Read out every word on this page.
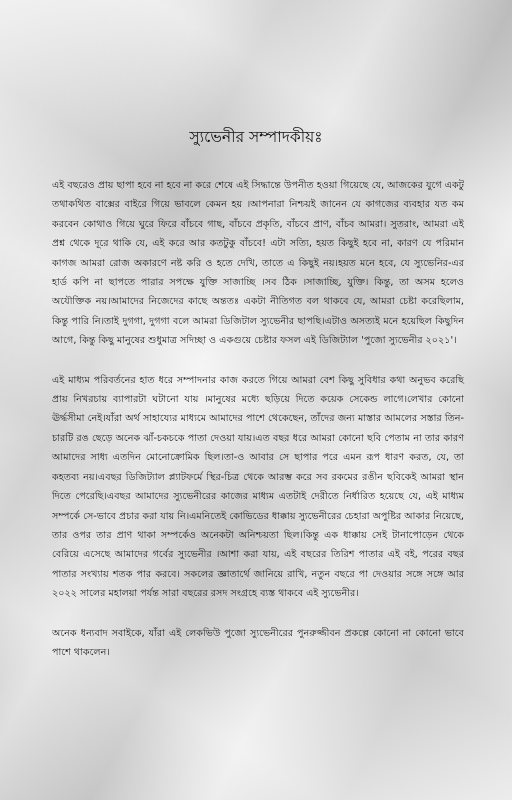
স্যুভেনীর সম্পাদকীয়ঃ

এই বছরেও প্রায় ছাপা হবে না হবে না করে শেষে এই সিদ্ধান্তে উপনীত হওয়া গিয়েছে যে, আজকের যুগে একটু তথাকথিত বাক্সের বাইরে গিয়ে ভাবলে কেমন হয় ।আপনারা নিশ্চয়ই জানেন যে কাগজের ব্যবহার যত কম করবেন কোথাও গিয়ে ঘুরে ফিরে বাঁচবে গাছ, বাঁচবে প্রকৃতি, বাঁচবে প্রাণ, বাঁচব আমরা। সুতরাং, আমরা এই প্রশ্ন থেকে দূরে থাকি যে, এই করে আর কতটুকু বাঁচবে! এটা সত্যি, হয়ত কিছুই হবে না, কারণ যে পরিমান কাগজ আমরা রোজ অকারণে নষ্ট করি ও হতে দেখি, তাতে এ কিছুই নয়।হয়ত মনে হবে, যে স্যুভেনির-এর হার্ড কপি না ছাপতে পারার সপক্ষে যুক্তি সাজাচ্ছি ।সব ঠিক ।সাজাচ্ছি, যুক্তি। কিন্তু, তা অসম হলেও অযৌক্তিক নয়।আমাদের নিজেদের কাছে অন্ততঃ একটা নীতিগত বল থাকবে যে, আমরা চেষ্টা করেছিলাম, কিন্তু পারি নি।তাই দুগগা, দুগগা বলে আমরা ডিজিটাল স্যুভেনীর ছাপছি।এটাও অসত্যই মনে হয়েছিল কিছুদিন আগে, কিন্তু কিছু মানুষের শুধুমাত্র সদিচ্ছা ও একগুয়ে চেষ্টার ফসল এই ডিজিট্যাল 'পুজো স্যুভেনীর ২০২১'।

এই মাধ্যম পরিবর্তনের হাত ধরে সম্পাদনার কাজ করতে গিয়ে আমরা বেশ কিছু সুবিধার কথা অনুভব করেছি প্রায় নিখরচায় ব্যাপারটা ঘটানো যায় ।মানুষের মধ্যে ছড়িয়ে দিতে কয়েক সেকেন্ড লাগে।লেখার কোনো ঊর্দ্ধসীমা নেই।যাঁরা অর্থ সাহায্যের মাধ্যমে আমাদের পাশে থেকেছেন, তাঁদের জন্য মাস্তার আমলের সস্তার তিন-চারটি রঙ ছেড়ে অনেক ঝাঁ-চকচকে পাতা দেওয়া যায়।এত বছর ধরে আমরা কোনো ছবি পেতাম না তার কারণ আমাদের সাধ্য এতদিন মোনোক্রোমিক ছিল।তা-ও আবার সে ছাপার পরে এমন রূপ ধারণ করত, যে, তা কহতব্য নয়।এবছর ডিজিট্যাল প্ল্যাটফর্মে স্থির-চিত্র থেকে আরম্ভ করে সব রকমের রঙীন ছবিকেই আমরা স্থান দিতে পেরেছি।এবছর আমাদের স্যুভেনীরের কাজের মাধ্যম এতটাই দেরীতে নির্ধারিত হয়েছে যে, এই মাধ্যম সম্পর্কে সে-ভাবে প্রচার করা যায় নি।এমনিতেই কোভিডের ধাক্কায় স্যুভেনীরের চেহারা অপুষ্টির আকার নিয়েছে, তার ওপর তার প্রাণ থাকা সম্পর্কেও অনেকটা অনিশ্চয়তা ছিল।কিন্তু এক ধাক্কায় সেই টানাপোড়েন থেকে বেরিয়ে এসেছে আমাদের গর্বের স্যুভেনীর ।আশা করা যায়, এই বছরের তিরিশ পাতার এই বই, পরের বছর পাতার সংখ্যায় শতক পার করবে। সকলের জ্ঞাতার্থে জানিয়ে রাখি, নতুন বছরে পা দেওয়ার সঙ্গে সঙ্গে আর ২০২২ সালের মহালয়া পর্যন্ত সারা বছরের রসদ সংগ্রহে ব্যস্ত থাকবে এই স্যুভেনীর।

অনেক ধন্যবাদ সবাইকে, যাঁরা এই লেকভিউ পুজো স্যুভেনীরের পুনরুজ্জীবন প্রকল্পে কোনো না কোনো ভাবে পাশে থাকলেন।
